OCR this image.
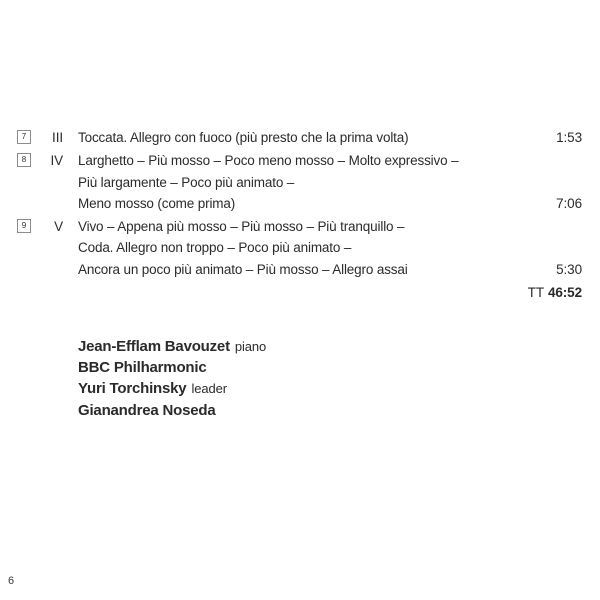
7	III Toccata. Allegro con fuoco (più presto che la prima volta)	1:53
8	IV Larghetto – Più mosso – Poco meno mosso – Molto expressivo –
Più largamente – Poco più animato –
Meno mosso (come prima)	7:06
9	V Vivo – Appena più mosso – Più mosso – Più tranquillo –
Coda. Allegro non troppo – Poco più animato –
Ancora un poco più animato – Più mosso – Allegro assai	5:30
TT 46:52
Jean-Efflam Bavouzet piano
BBC Philharmonic
Yuri Torchinsky leader
Gianandrea Noseda
6
